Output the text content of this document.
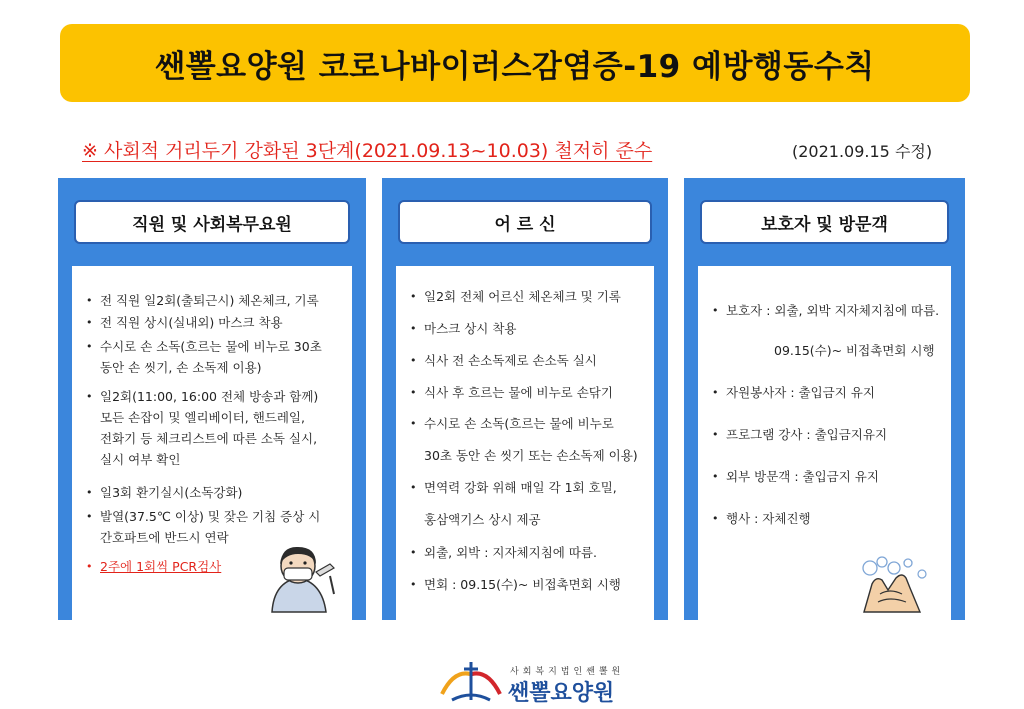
쌘뽈요양원 코로나바이러스감염증-19 예방행동수칙
※ 사회적 거리두기 강화된 3단계(2021.09.13~10.03) 철저히 준수	(2021.09.15 수정)
직원 및 사회복무요원
• 전 직원 일2회(출퇴근시) 체온체크, 기록
• 전 직원 상시(실내외) 마스크 착용
• 수시로 손 소독(흐르는 물에 비누로 30초
동안 손 씻기, 손 소독제 이용)
• 일2회(11:00, 16:00 전체 방송과 함께)
모든 손잡이 및 엘리베이터, 핸드레일,
전화기 등 체크리스트에 따른 소독 실시,
실시 여부 확인
• 일3회 환기실시(소독강화)
• 발열(37.5℃ 이상) 및 잦은 기침 증상 시
간호파트에 반드시 연락
• 2주에 1회씩 PCR검사
어 르 신
• 일2회 전체 어르신 체온체크 및 기록
• 마스크 상시 착용
• 식사 전 손소독제로 손소독 실시
• 식사 후 흐르는 물에 비누로 손닦기
• 수시로 손 소독(흐르는 물에 비누로
30초 동안 손 씻기 또는 손소독제 이용)
• 면역력 강화 위해 매일 각 1회 호밀,
홍삼액기스 상시 제공
• 외출, 외박 : 지자체지침에 따름.
• 면회 : 09.15(수)~ 비접촉면회 시행
보호자 및 방문객
• 보호자 : 외출, 외박 지자체지침에 따름.
09.15(수)~ 비접촉면회 시행
• 자원봉사자 : 출입금지 유지
• 프로그램 강사 : 출입금지유지
• 외부 방문객 : 출입금지 유지
• 행사 : 자체진행
사회복지법인쌘뽈원
쌘뽈요양원
